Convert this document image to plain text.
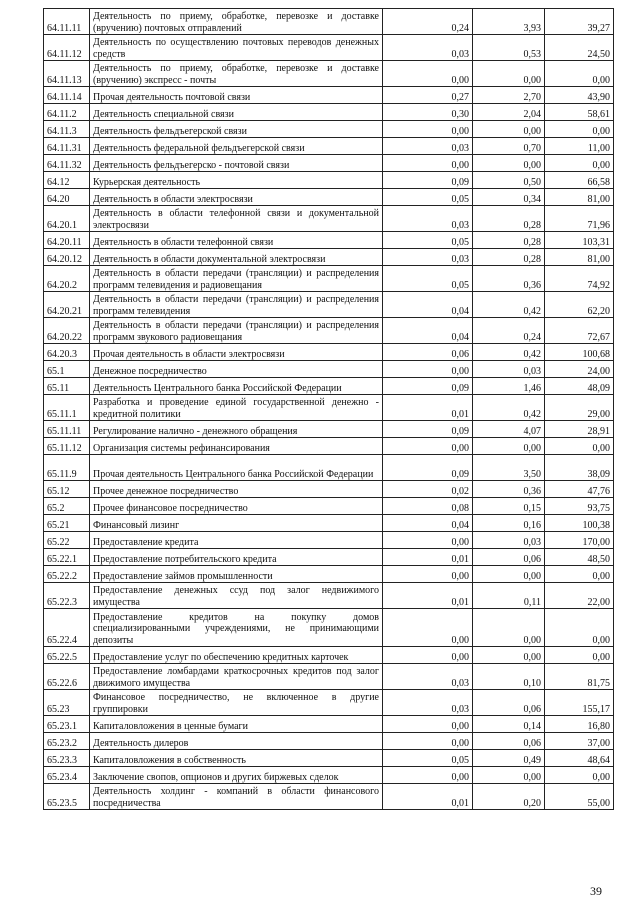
64.11.11	Деятельность по приему, обработке, перевозке и доставке (вручению) почтовых отправлений	0,24	3,93	39,27
64.11.12	Деятельность по осуществлению почтовых переводов денежных средств	0,03	0,53	24,50
64.11.13	Деятельность по приему, обработке, перевозке и доставке (вручению) экспресс - почты	0,00	0,00	0,00
64.11.14	Прочая деятельность почтовой связи	0,27	2,70	43,90
64.11.2	Деятельность специальной связи	0,30	2,04	58,61
64.11.3	Деятельность фельдъегерской связи	0,00	0,00	0,00
64.11.31	Деятельность федеральной фельдъегерской связи	0,03	0,70	11,00
64.11.32	Деятельность фельдъегерско - почтовой связи	0,00	0,00	0,00
64.12	Курьерская деятельность	0,09	0,50	66,58
64.20	Деятельность в области электросвязи	0,05	0,34	81,00
64.20.1	Деятельность в области телефонной связи и документальной электросвязи	0,03	0,28	71,96
64.20.11	Деятельность в области телефонной связи	0,05	0,28	103,31
64.20.12	Деятельность в области документальной электросвязи	0,03	0,28	81,00
64.20.2	Деятельность в области передачи (трансляции) и распределения программ телевидения и радиовещания	0,05	0,36	74,92
64.20.21	Деятельность в области передачи (трансляции) и распределения программ телевидения	0,04	0,42	62,20
64.20.22	Деятельность в области передачи (трансляции) и распределения программ звукового радиовещания	0,04	0,24	72,67
64.20.3	Прочая деятельность в области электросвязи	0,06	0,42	100,68
65.1	Денежное посредничество	0,00	0,03	24,00
65.11	Деятельность Центрального банка Российской Федерации	0,09	1,46	48,09
65.11.1	Разработка и проведение единой государственной денежно - кредитной политики	0,01	0,42	29,00
65.11.11	Регулирование налично - денежного обращения	0,09	4,07	28,91
65.11.12	Организация системы рефинансирования	0,00	0,00	0,00
65.11.9	Прочая деятельность Центрального банка Российской Федерации	0,09	3,50	38,09
65.12	Прочее денежное посредничество	0,02	0,36	47,76
65.2	Прочее финансовое посредничество	0,08	0,15	93,75
65.21	Финансовый лизинг	0,04	0,16	100,38
65.22	Предоставление кредита	0,00	0,03	170,00
65.22.1	Предоставление потребительского кредита	0,01	0,06	48,50
65.22.2	Предоставление займов промышленности	0,00	0,00	0,00
65.22.3	Предоставление денежных ссуд под залог недвижимого имущества	0,01	0,11	22,00
65.22.4	Предоставление кредитов на покупку домов специализированными учреждениями, не принимающими депозиты	0,00	0,00	0,00
65.22.5	Предоставление услуг по обеспечению кредитных карточек	0,00	0,00	0,00
65.22.6	Предоставление ломбардами краткосрочных кредитов под залог движимого имущества	0,03	0,10	81,75
65.23	Финансовое посредничество, не включенное в другие группировки	0,03	0,06	155,17
65.23.1	Капиталовложения в ценные бумаги	0,00	0,14	16,80
65.23.2	Деятельность дилеров	0,00	0,06	37,00
65.23.3	Капиталовложения в собственность	0,05	0,49	48,64
65.23.4	Заключение свопов, опционов и других биржевых сделок	0,00	0,00	0,00
65.23.5	Деятельность холдинг - компаний в области финансового посредничества	0,01	0,20	55,00
39
